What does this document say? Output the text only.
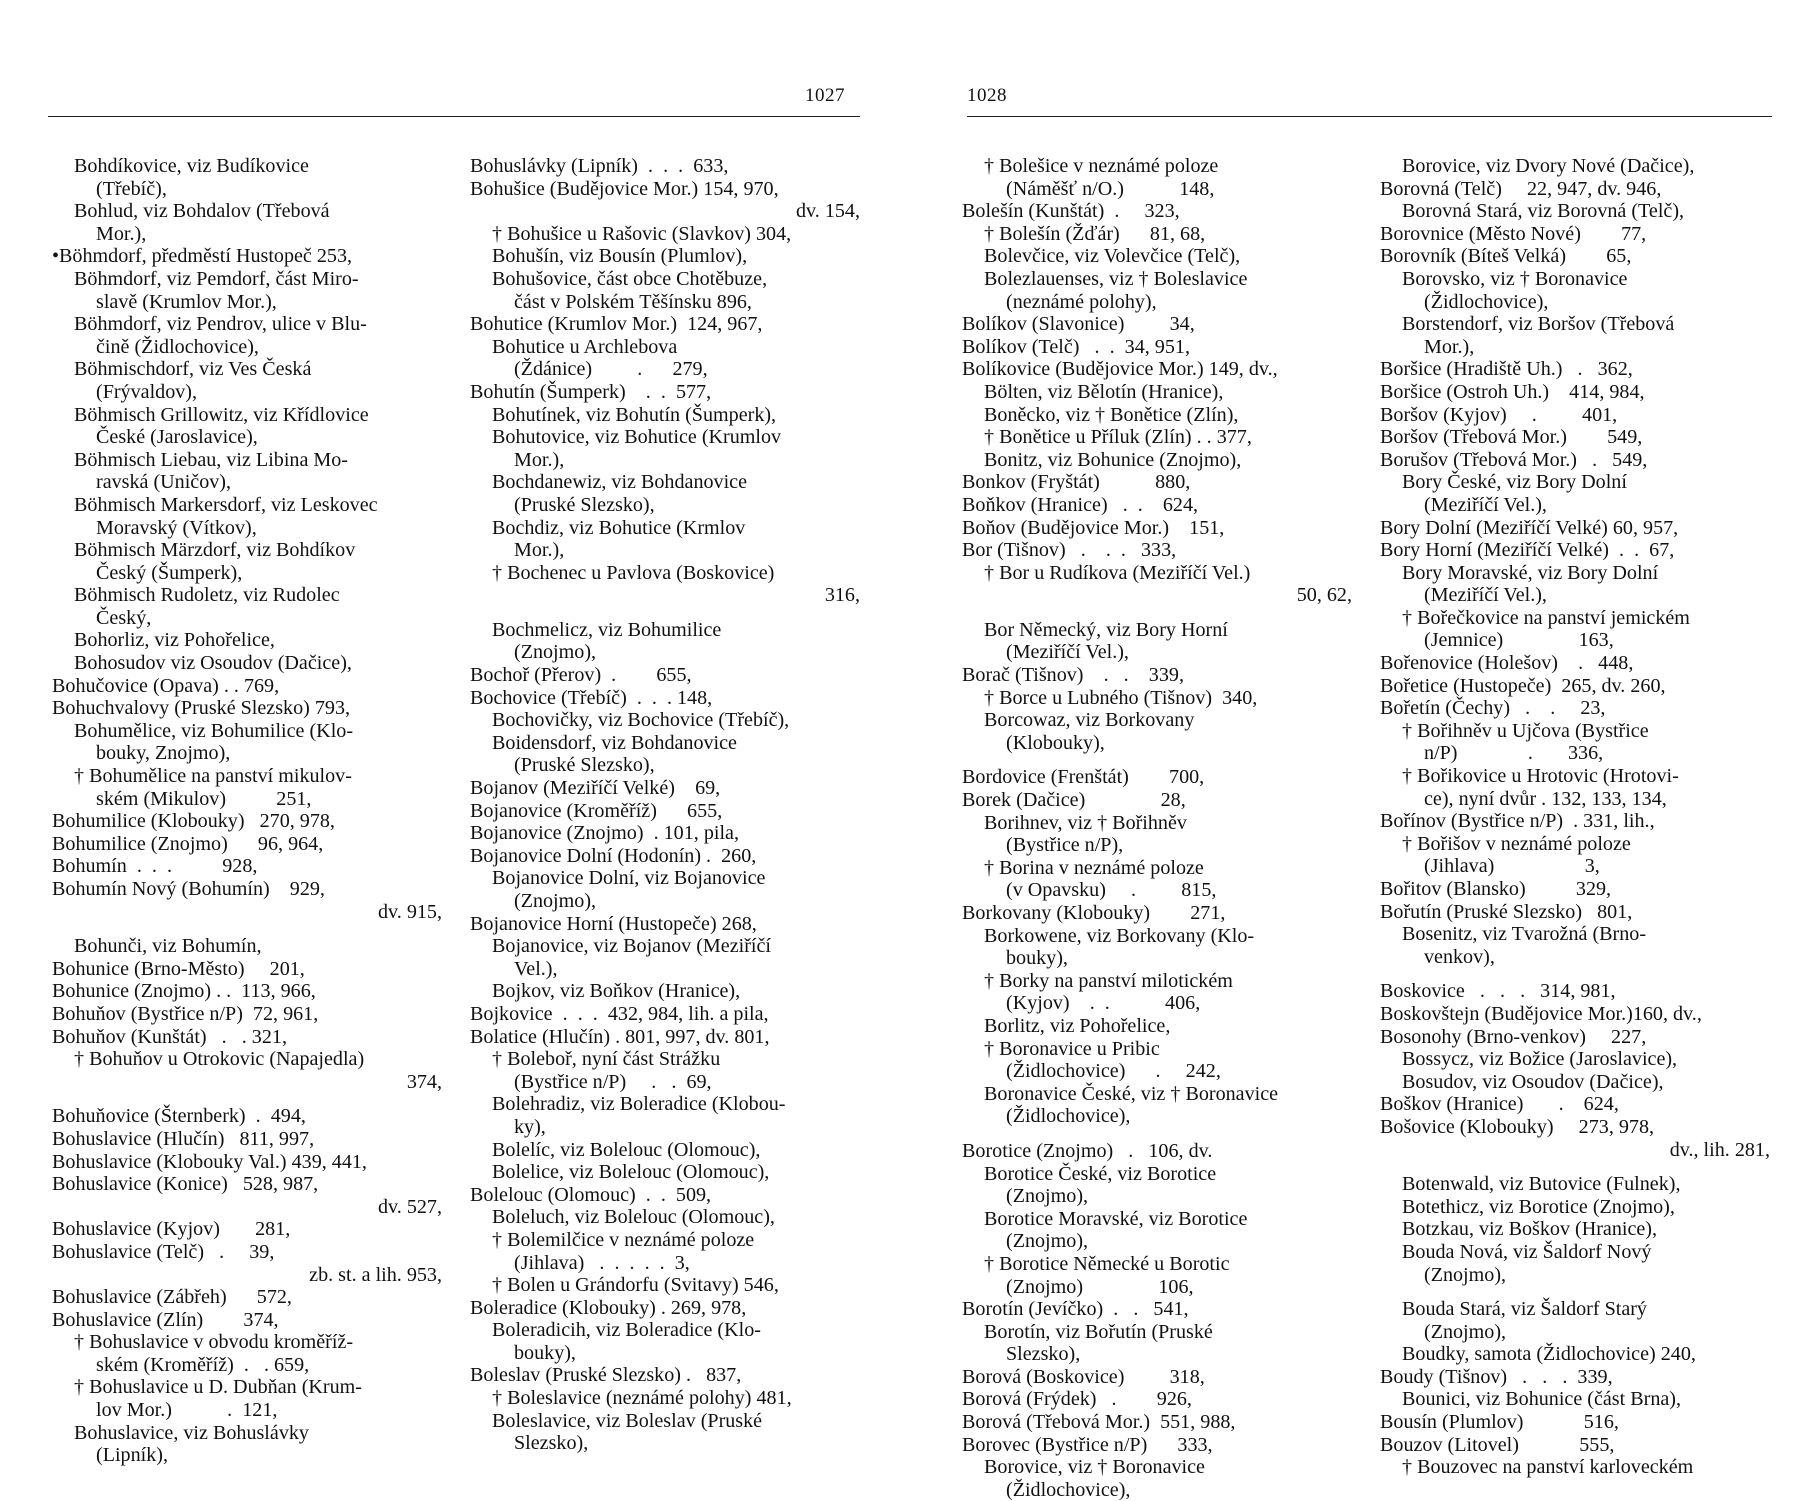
1027	1028
Bohdíkovice, viz Budíkovice
(Třebíč),
Bohlud, viz Bohdalov (Třebová
Mor.),
•Böhmdorf, předměstí Hustopeč 253,
Böhmdorf, viz Pemdorf, část Miro-
slavě (Krumlov Mor.),
Böhmdorf, viz Pendrov, ulice v Blu-
čině (Židlochovice),
Böhmischdorf, viz Ves Česká
(Frývaldov),
Böhmisch Grillowitz, viz Křídlovice
České (Jaroslavice),
Böhmisch Liebau, viz Libina Mo-
ravská (Uničov),
Böhmisch Markersdorf, viz Leskovec
Moravský (Vítkov),
Böhmisch Märzdorf, viz Bohdíkov
Český (Šumperk),
Böhmisch Rudoletz, viz Rudolec
Český,
Bohorliz, viz Pohořelice,
Bohosudov viz Osoudov (Dačice),
Bohučovice (Opava) . . 769,
Bohuchvalovy (Pruské Slezsko) 793,
Bohumělice, viz Bohumilice (Klo-
bouky, Znojmo),
† Bohumělice na panství mikulov-
ském (Mikulov)          251,
Bohumilice (Klobouky)   270, 978,
Bohumilice (Znojmo)      96, 964,
Bohumín  .  .  .          928,
Bohumín Nový (Bohumín)    929,
dv. 915,
Bohunči, viz Bohumín,
Bohunice (Brno-Město)     201,
Bohunice (Znojmo) . .  113, 966,
Bohuňov (Bystřice n/P)  72, 961,
Bohuňov (Kunštát)   .   . 321,
† Bohuňov u Otrokovic (Napajedla)
374,
Bohuňovice (Šternberk)  .  494,
Bohuslavice (Hlučín)   811, 997,
Bohuslavice (Klobouky Val.) 439, 441,
Bohuslavice (Konice)   528, 987,
dv. 527,
Bohuslavice (Kyjov)       281,
Bohuslavice (Telč)   .     39,
zb. st. a lih. 953,
Bohuslavice (Zábřeh)      572,
Bohuslavice (Zlín)        374,
† Bohuslavice v obvodu kroměříž-
ském (Kroměříž)  .   . 659,
† Bohuslavice u D. Dubňan (Krum-
lov Mor.)           .  121,
Bohuslavice, viz Bohuslávky
(Lipník),
Bohuslávky (Lipník)  .  .  .  633,
Bohušice (Budějovice Mor.) 154, 970,
dv. 154,
† Bohušice u Rašovic (Slavkov) 304,
Bohušín, viz Bousín (Plumlov),
Bohušovice, část obce Chotěbuze,
část v Polském Těšínsku 896,
Bohutice (Krumlov Mor.)  124, 967,
Bohutice u Archlebova
(Ždánice)         .      279,
Bohutín (Šumperk)    .  .  577,
Bohutínek, viz Bohutín (Šumperk),
Bohutovice, viz Bohutice (Krumlov
Mor.),
Bochdanewiz, viz Bohdanovice
(Pruské Slezsko),
Bochdiz, viz Bohutice (Krmlov
Mor.),
† Bochenec u Pavlova (Boskovice)
316,
Bochmelicz, viz Bohumilice
(Znojmo),
Bochoř (Přerov)  .        655,
Bochovice (Třebíč)  .  .  . 148,
Bochovičky, viz Bochovice (Třebíč),
Boidensdorf, viz Bohdanovice
(Pruské Slezsko),
Bojanov (Meziříčí Velké)    69,
Bojanovice (Kroměříž)      655,
Bojanovice (Znojmo)  . 101, pila,
Bojanovice Dolní (Hodonín) .  260,
Bojanovice Dolní, viz Bojanovice
(Znojmo),
Bojanovice Horní (Hustopeče) 268,
Bojanovice, viz Bojanov (Meziříčí
Vel.),
Bojkov, viz Boňkov (Hranice),
Bojkovice  .  .  .  432, 984, lih. a pila,
Bolatice (Hlučín) . 801, 997, dv. 801,
† Boleboř, nyní část Strážku
(Bystřice n/P)     .   .  69,
Bolehradiz, viz Boleradice (Klobou-
ky),
Bolelíc, viz Bolelouc (Olomouc),
Bolelice, viz Bolelouc (Olomouc),
Bolelouc (Olomouc)  .  .  509,
Boleluch, viz Bolelouc (Olomouc),
† Bolemilčice v neznámé poloze
(Jihlava)   .  .  .  .  .  3,
† Bolen u Grándorfu (Svitavy) 546,
Boleradice (Klobouky) . 269, 978,
Boleradicih, viz Boleradice (Klo-
bouky),
Boleslav (Pruské Slezsko) .   837,
† Boleslavice (neznámé polohy) 481,
Boleslavice, viz Boleslav (Pruské
Slezsko),
† Bolešice v neznámé poloze
(Náměšť n/O.)           148,
Bolešín (Kunštát)  .     323,
† Bolešín (Žďár)      81, 68,
Bolevčice, viz Volevčice (Telč),
Bolezlauenses, viz † Boleslavice
(neznámé polohy),
Bolíkov (Slavonice)         34,
Bolíkov (Telč)   .  .  34, 951,
Bolíkovice (Budějovice Mor.) 149, dv.,
Bölten, viz Bělotín (Hranice),
Boněcko, viz † Bonětice (Zlín),
† Bonětice u Příluk (Zlín) . . 377,
Bonitz, viz Bohunice (Znojmo),
Bonkov (Fryštát)           880,
Boňkov (Hranice)   .  .    624,
Boňov (Budějovice Mor.)    151,
Bor (Tišnov)   .    .  .   333,
† Bor u Rudíkova (Meziříčí Vel.)
50, 62,
Bor Německý, viz Bory Horní
(Meziříčí Vel.),
Borač (Tišnov)    .   .    339,
† Borce u Lubného (Tišnov)  340,
Borcowaz, viz Borkovany
(Klobouky),
Bordovice (Frenštát)        700,
Borek (Dačice)               28,
Borihnev, viz † Bořihněv
(Bystřice n/P),
† Borina v neznámé poloze
(v Opavsku)     .         815,
Borkovany (Klobouky)        271,
Borkowene, viz Borkovany (Klo-
bouky),
† Borky na panství milotickém
(Kyjov)    .  .           406,
Borlitz, viz Pohořelice,
† Boronavice u Pribic
(Židlochovice)      .     242,
Boronavice České, viz † Boronavice
(Židlochovice),
Borotice (Znojmo)   .   106, dv.
Borotice České, viz Borotice
(Znojmo),
Borotice Moravské, viz Borotice
(Znojmo),
† Borotice Německé u Borotic
(Znojmo)               106,
Borotín (Jevíčko)  .   .   541,
Borotín, viz Bořutín (Pruské
Slezsko),
Borová (Boskovice)         318,
Borová (Frýdek)   .        926,
Borová (Třebová Mor.)  551, 988,
Borovec (Bystřice n/P)      333,
Borovice, viz † Boronavice
(Židlochovice),
Borovice, viz Dvory Nové (Dačice),
Borovná (Telč)     22, 947, dv. 946,
Borovná Stará, viz Borovná (Telč),
Borovnice (Město Nové)        77,
Borovník (Bíteš Velká)        65,
Borovsko, viz † Boronavice
(Židlochovice),
Borstendorf, viz Boršov (Třebová
Mor.),
Boršice (Hradiště Uh.)   .   362,
Boršice (Ostroh Uh.)    414, 984,
Boršov (Kyjov)     .         401,
Boršov (Třebová Mor.)        549,
Borušov (Třebová Mor.)   .   549,
Bory České, viz Bory Dolní
(Meziříčí Vel.),
Bory Dolní (Meziříčí Velké) 60, 957,
Bory Horní (Meziříčí Velké)  .  .  67,
Bory Moravské, viz Bory Dolní
(Meziříčí Vel.),
† Bořečkovice na panství jemickém
(Jemnice)               163,
Bořenovice (Holešov)    .   448,
Bořetice (Hustopeče)  265, dv. 260,
Bořetín (Čechy)   .    .     23,
† Bořihněv u Ujčova (Bystřice
n/P)              .       336,
† Bořikovice u Hrotovic (Hrotovi-
ce), nyní dvůr . 132, 133, 134,
Bořínov (Bystřice n/P)  . 331, lih.,
† Bořišov v neznámé poloze
(Jihlava)                  3,
Bořitov (Blansko)          329,
Bořutín (Pruské Slezsko)   801,
Bosenitz, viz Tvarožná (Brno-
venkov),
Boskovice   .   .   .   314, 981,
Boskovštejn (Budějovice Mor.)160, dv.,
Bosonohy (Brno-venkov)     227,
Bossycz, viz Božice (Jaroslavice),
Bosudov, viz Osoudov (Dačice),
Boškov (Hranice)       .    624,
Bošovice (Klobouky)     273, 978,
dv., lih. 281,
Botenwald, viz Butovice (Fulnek),
Botethicz, viz Borotice (Znojmo),
Botzkau, viz Boškov (Hranice),
Bouda Nová, viz Šaldorf Nový
(Znojmo),
Bouda Stará, viz Šaldorf Starý
(Znojmo),
Boudky, samota (Židlochovice) 240,
Boudy (Tišnov)   .   .   .  339,
Bounici, viz Bohunice (část Brna),
Bousín (Plumlov)            516,
Bouzov (Litovel)            555,
† Bouzovec na panství karloveckém
